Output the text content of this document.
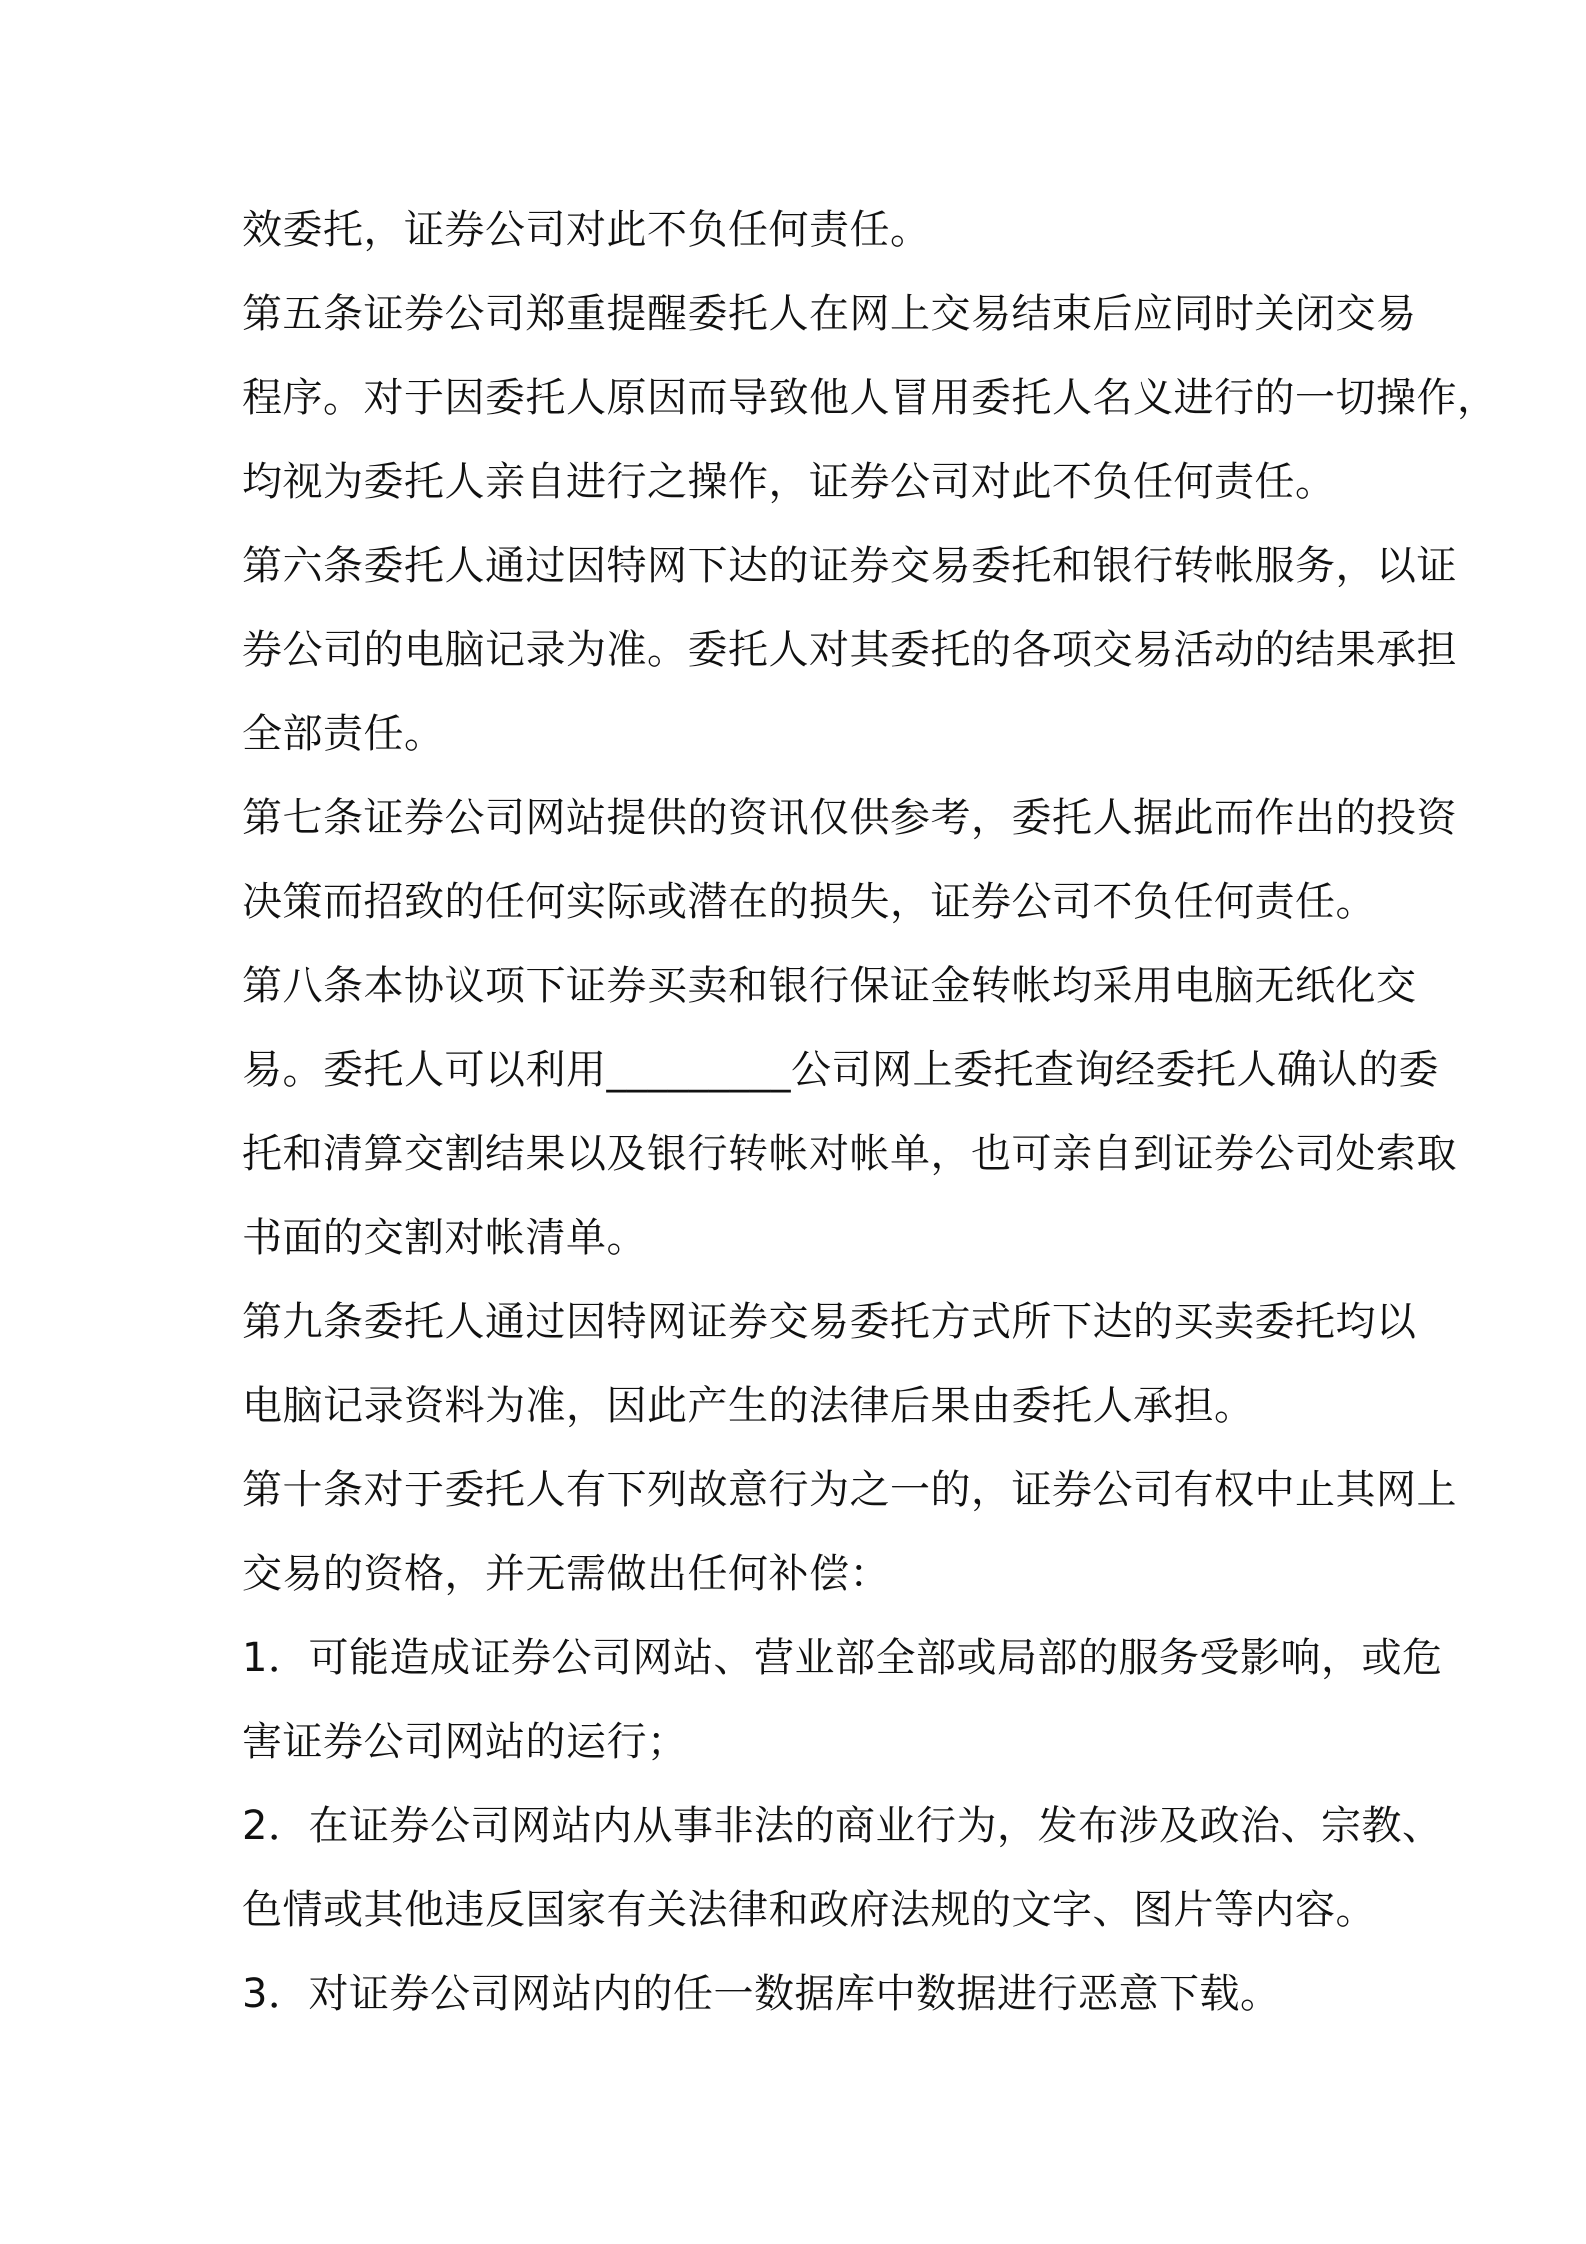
效委托，证券公司对此不负任何责任。
第五条证券公司郑重提醒委托人在网上交易结束后应同时关闭交易
程序。对于因委托人原因而导致他人冒用委托人名义进行的一切操作，
均视为委托人亲自进行之操作，证券公司对此不负任何责任。
第六条委托人通过因特网下达的证券交易委托和银行转帐服务，以证
券公司的电脑记录为准。委托人对其委托的各项交易活动的结果承担
全部责任。
第七条证券公司网站提供的资讯仅供参考，委托人据此而作出的投资
决策而招致的任何实际或潜在的损失，证券公司不负任何责任。
第八条本协议项下证券买卖和银行保证金转帐均采用电脑无纸化交
易。委托人可以利用_________公司网上委托查询经委托人确认的委
托和清算交割结果以及银行转帐对帐单，也可亲自到证券公司处索取
书面的交割对帐清单。
第九条委托人通过因特网证券交易委托方式所下达的买卖委托均以
电脑记录资料为准，因此产生的法律后果由委托人承担。
第十条对于委托人有下列故意行为之一的，证券公司有权中止其网上
交易的资格，并无需做出任何补偿：
1．可能造成证券公司网站、营业部全部或局部的服务受影响，或危
害证券公司网站的运行；
2．在证券公司网站内从事非法的商业行为，发布涉及政治、宗教、
色情或其他违反国家有关法律和政府法规的文字、图片等内容。
3．对证券公司网站内的任一数据库中数据进行恶意下载。
